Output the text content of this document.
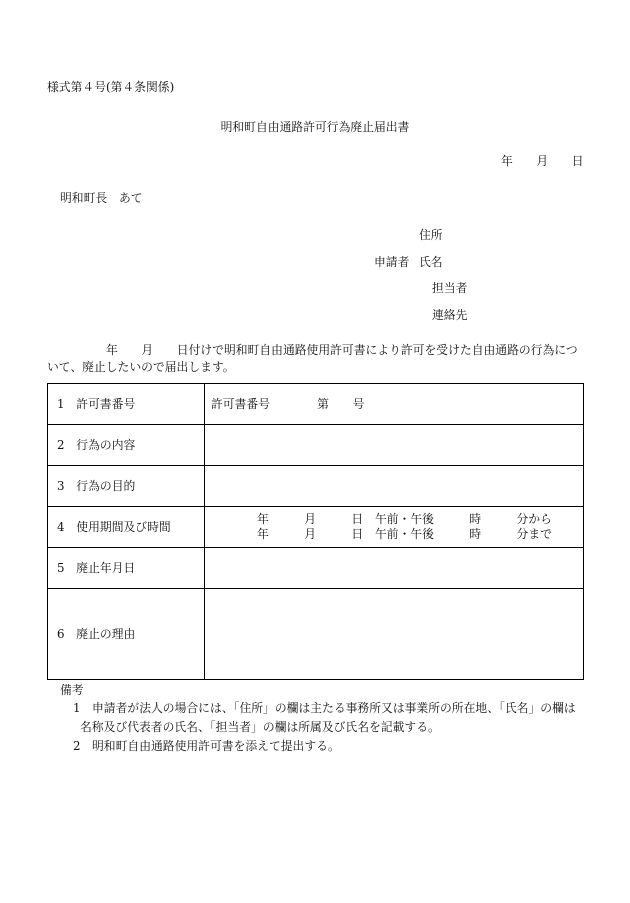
様式第４号(第４条関係)
明和町自由通路許可行為廃止届出書
年　　月　　日
明和町長　あて
住所
申請者 氏名
担当者
連絡先
　　　　　年　　月　　日付けで明和町自由通路使用許可書により許可を受けた自由通路の行為につ
いて、廃止したいので届出します。
1　許可書番号	許可書番号　　　　第　　号
2　行為の内容
3　行為の目的
4　使用期間及び時間
年　　　月　　　日　午前・午後　　　時　　　分から
年　　　月　　　日　午前・午後　　　時　　　分まで
5　廃止年月日
6　廃止の理由
備考
1 申請者が法人の場合には、「住所」の欄は主たる事務所又は事業所の所在地、「氏名」の欄は
名称及び代表者の氏名、「担当者」の欄は所属及び氏名を記載する。
2 明和町自由通路使用許可書を添えて提出する。
